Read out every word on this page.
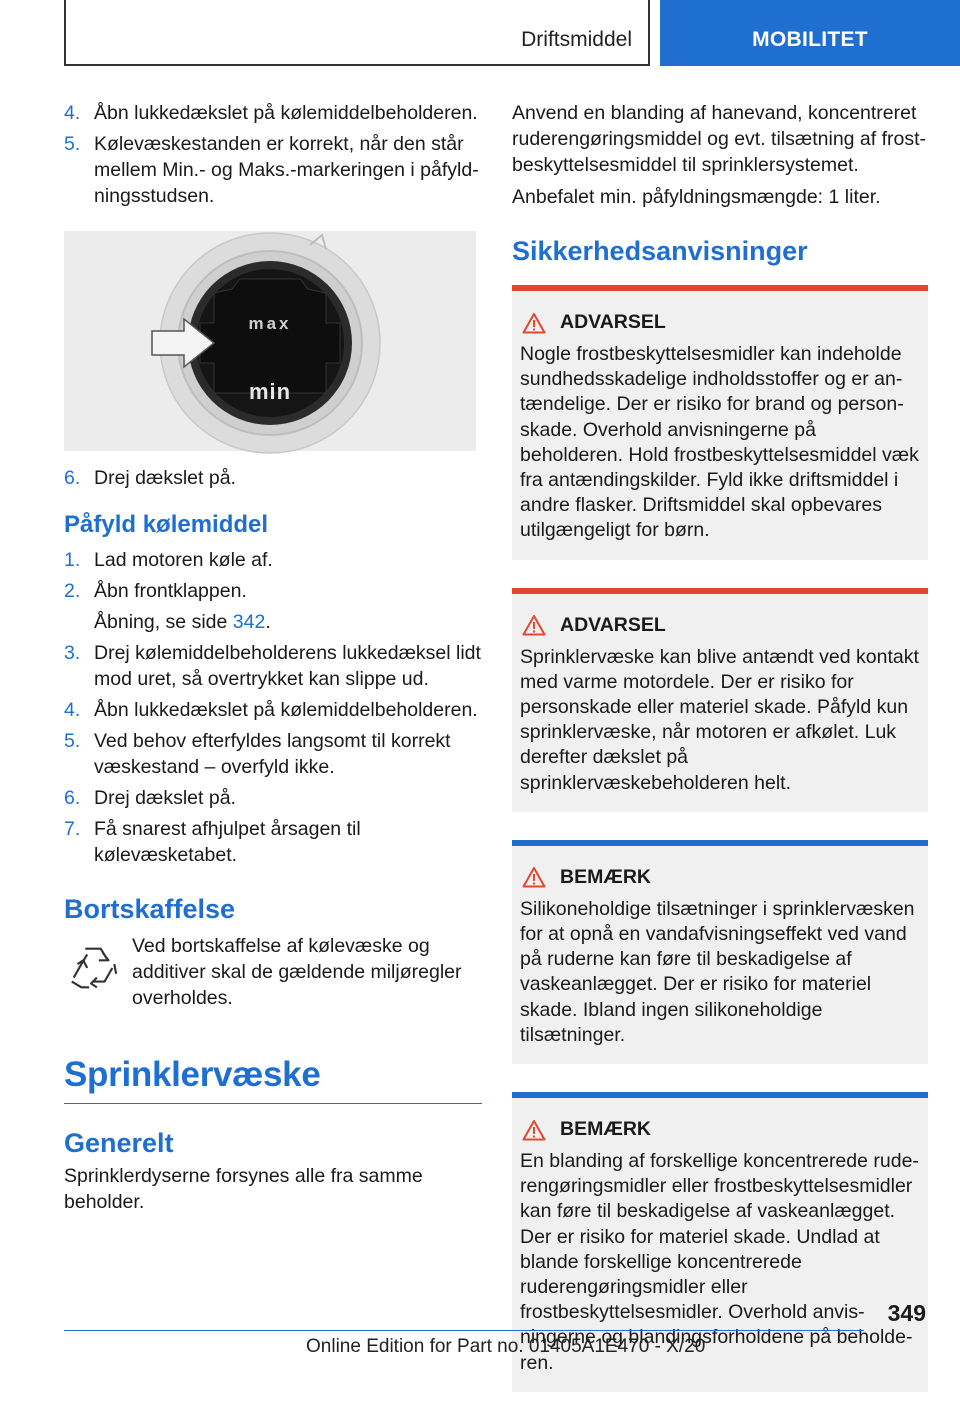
Driftsmiddel	MOBILITET
4. Åbn lukkedækslet på kølemiddelbeholderen.
5. Kølevæskestanden er korrekt, når den står mellem Min.- og Maks.-markeringen i påfyldningsstudsen.
max
min
6. Drej dækslet på.
Påfyld kølemiddel
1. Lad motoren køle af.
2. Åbn frontklappen.
Åbning, se side 342.
3. Drej kølemiddelbeholderens lukkedæksel lidt mod uret, så overtrykket kan slippe ud.
4. Åbn lukkedækslet på kølemiddelbeholderen.
5. Ved behov efterfyldes langsomt til korrekt væskestand – overfyld ikke.
6. Drej dækslet på.
7. Få snarest afhjulpet årsagen til kølevæsketabet.
Bortskaffelse

Ved bortskaffelse af kølevæske og additiver skal de gældende miljøregler overholdes.

Sprinklervæske
Generelt

Sprinklerdyserne forsynes alle fra samme beholder.

Anvend en blanding af hanevand, koncentreret ruderengøringsmiddel og evt. tilsætning af frostbeskyttelsesmiddel til sprinklersystemet.

Anbefalet min. påfyldningsmængde: 1 liter.

Sikkerhedsanvisninger
ADVARSEL

Nogle frostbeskyttelsesmidler kan indeholde sundhedsskadelige indholdsstoffer og er antændelige. Der er risiko for brand og personskade. Overhold anvisningerne på beholderen. Hold frostbeskyttelsesmiddel væk fra antændingskilder. Fyld ikke driftsmiddel i andre flasker. Driftsmiddel skal opbevares utilgængeligt for børn.

ADVARSEL

Sprinklervæske kan blive antændt ved kontakt med varme motordele. Der er risiko for personskade eller materiel skade. Påfyld kun sprinklervæske, når motoren er afkølet. Luk derefter dækslet på sprinklervæskebeholderen helt.

BEMÆRK

Silikoneholdige tilsætninger i sprinklervæsken for at opnå en vandafvisningseffekt ved vand på ruderne kan føre til beskadigelse af vaskeanlægget. Der er risiko for materiel skade. Ibland ingen silikoneholdige tilsætninger.

BEMÆRK

En blanding af forskellige koncentrerede ruderengøringsmidler eller frostbeskyttelsesmidler kan føre til beskadigelse af vaskeanlægget. Der er risiko for materiel skade. Undlad at blande forskellige koncentrerede ruderengøringsmidler eller frostbeskyttelsesmidler. Overhold anvisningerne og blandingsforholdene på beholderen.

349
Online Edition for Part no. 01405A1E470 - X/20
